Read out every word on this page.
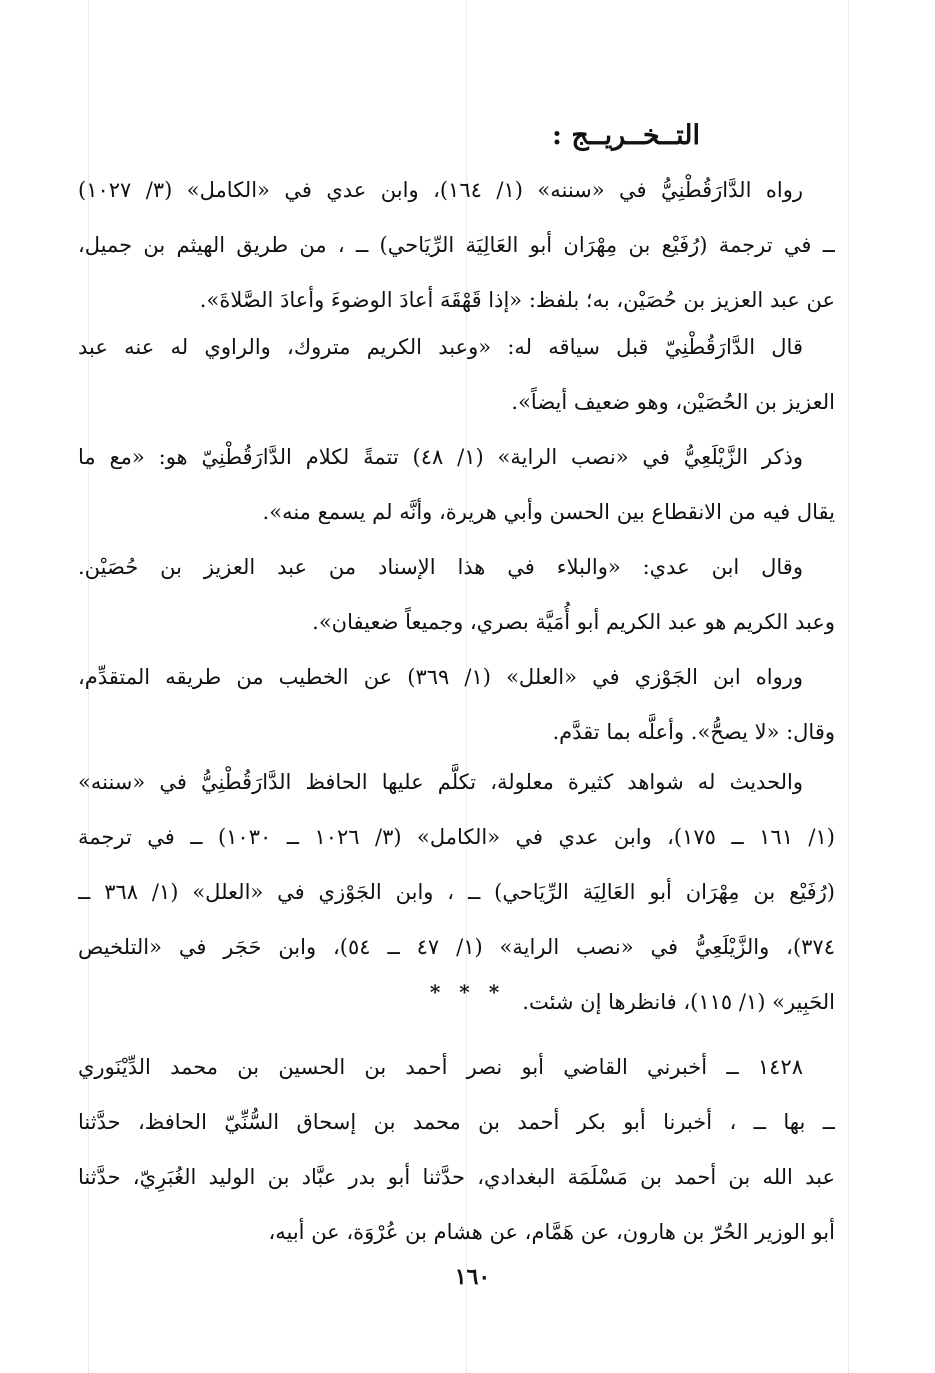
التــخــريــج :
رواه الدَّارَقُطْنِيُّ في «سننه» (١/ ١٦٤)، وابن عدي في «الكامل» (٣/ ١٠٢٧)
ــ في ترجمة (رُفَيْع بن مِهْرَان أبو العَالِيَة الرِّيَاحي) ــ ، من طريق الهيثم بن جميل،
عن عبد العزيز بن حُصَيْن، به؛ بلفظ: «إذا قَهْقَهَ أعادَ الوضوءَ وأعادَ الصَّلاةَ».
قال الدَّارَقُطْنِيّ قبل سياقه له: «وعبد الكريم متروك، والراوي له عنه عبد
العزيز بن الحُصَيْن، وهو ضعيف أيضاً».
وذكر الزَّيْلَعِيُّ في «نصب الراية» (١/ ٤٨) تتمةً لكلام الدَّارَقُطْنِيّ هو: «مع ما
يقال فيه من الانقطاع بين الحسن وأبي هريرة، وأنَّه لم يسمع منه».
وقال ابن عدي: «والبلاء في هذا الإسناد من عبد العزيز بن حُصَيْن.
وعبد الكريم هو عبد الكريم أبو أُمَيَّة بصري، وجميعاً ضعيفان».
ورواه ابن الجَوْزي في «العلل» (١/ ٣٦٩) عن الخطيب من طريقه المتقدِّم،
وقال: «لا يصحُّ». وأعلَّه بما تقدَّم.
والحديث له شواهد كثيرة معلولة، تكلَّم عليها الحافظ الدَّارَقُطْنِيُّ في «سننه»
(١/ ١٦١ ــ ١٧٥)، وابن عدي في «الكامل» (٣/ ١٠٢٦ ــ ١٠٣٠) ــ في ترجمة
(رُفَيْع بن مِهْرَان أبو العَالِيَة الرِّيَاحي) ــ ، وابن الجَوْزي في «العلل» (١/ ٣٦٨ ــ
٣٧٤)، والزَّيْلَعِيُّ في «نصب الراية» (١/ ٤٧ ــ ٥٤)، وابن حَجَر في «التلخيص
الحَبِير» (١/ ١١٥)، فانظرها إن شئت.
* * *
١٤٢٨ ــ أخبرني القاضي أبو نصر أحمد بن الحسين بن محمد الدِّيْنَوري
ــ بها ــ ، أخبرنا أبو بكر أحمد بن محمد بن إسحاق السُّنِّيّ الحافظ، حدَّثنا
عبد الله بن أحمد بن مَسْلَمَة البغدادي، حدَّثنا أبو بدر عبَّاد بن الوليد الغُبَرِيّ، حدَّثنا
أبو الوزير الحُرّ بن هارون، عن هَمَّام، عن هشام بن عُرْوَة، عن أبيه،
١٦٠
